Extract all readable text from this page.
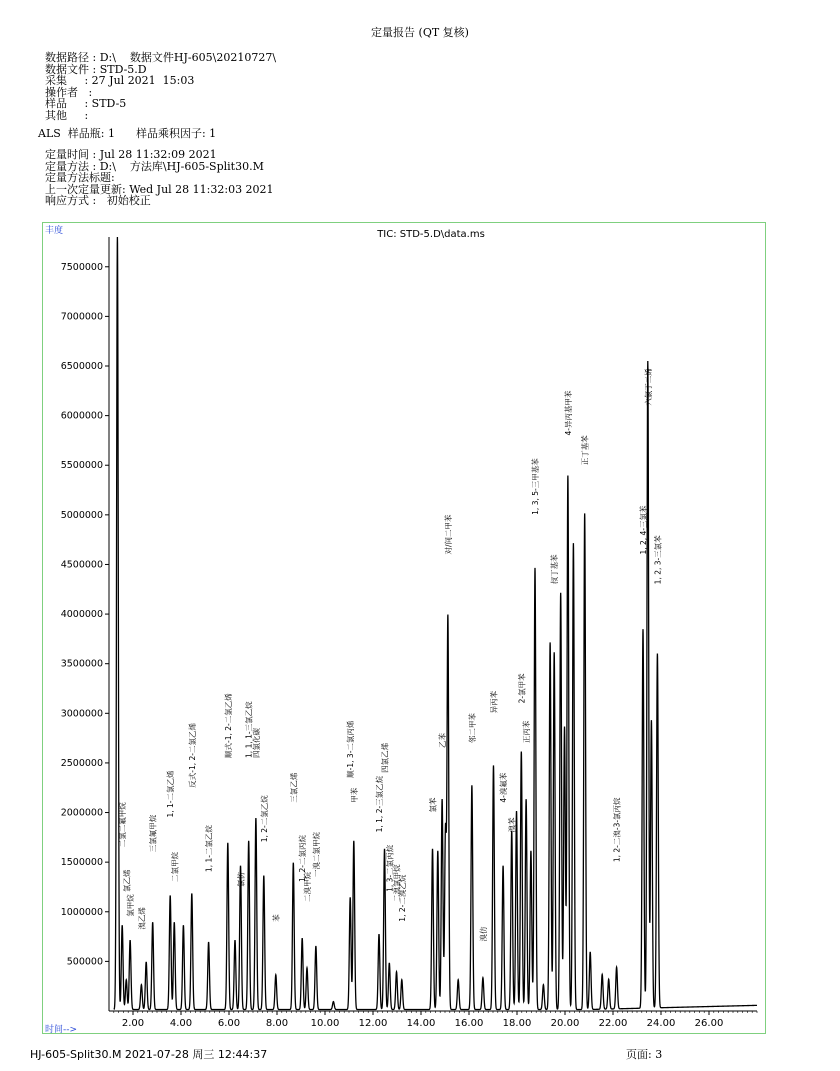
定量报告 (QT 复核)
数据路径 : D:\    数据文件HJ-605\20210727\
数据文件 : STD-5.D
采集     : 27 Jul 2021  15:03
操作者   :
样品     : STD-5
其他     :
ALS  样品瓶: 1      样品乘积因子: 1
定量时间 : Jul 28 11:32:09 2021
定量方法 : D:\    方法库\HJ-605-Split30.M
定量方法标题:
上一次定量更新: Wed Jul 28 11:32:03 2021
响应方式 :   初始校正
500000
1000000
1500000
2000000
2500000
3000000
3500000
4000000
4500000
5000000
5500000
6000000
6500000
7000000
7500000
2.00	4.00	6.00	8.00 10.00 12.00 14.00 16.00 18.00 20.00 22.00 24.00 26.00
二氯二氟甲烷
氯乙烯
氯甲烷
溴乙烯
三氯氟甲烷
1, 1-二氯乙烯
二氯甲烷
反式-1, 2-二氯乙烯
1, 1-二氯乙烷
顺式-1, 2-二氯乙烯
氯仿
1, 1, 1-三氯乙烷
四氯化碳
1, 2-二氯乙烷
苯
三氯乙烯
1, 2-二氯丙烷
二溴甲烷
一溴二氯甲烷
顺-1, 3-二氯丙烯
甲苯 1, 1, 2-三氯乙烷
四氯乙烯
1, 3-二氯丙烷
二溴氯甲烷
1, 2-二溴乙烷
氯苯
乙苯
对/间二甲苯
邻二甲苯
溴仿
异丙苯
4-溴氟苯
溴苯
2-氯甲苯
正丙苯
1, 3, 5-三甲基苯
叔丁基苯
4-异丙基甲苯
正丁基苯
1, 2-二溴-3-氯丙烷
1, 2, 4-三氯苯
六氯丁二烯
1, 2, 3-三氯苯
TIC: STD-5.D\data.ms
丰度
时间-->
HJ-605-Split30.M 2021-07-28 周三 12:44:37	页面: 3
